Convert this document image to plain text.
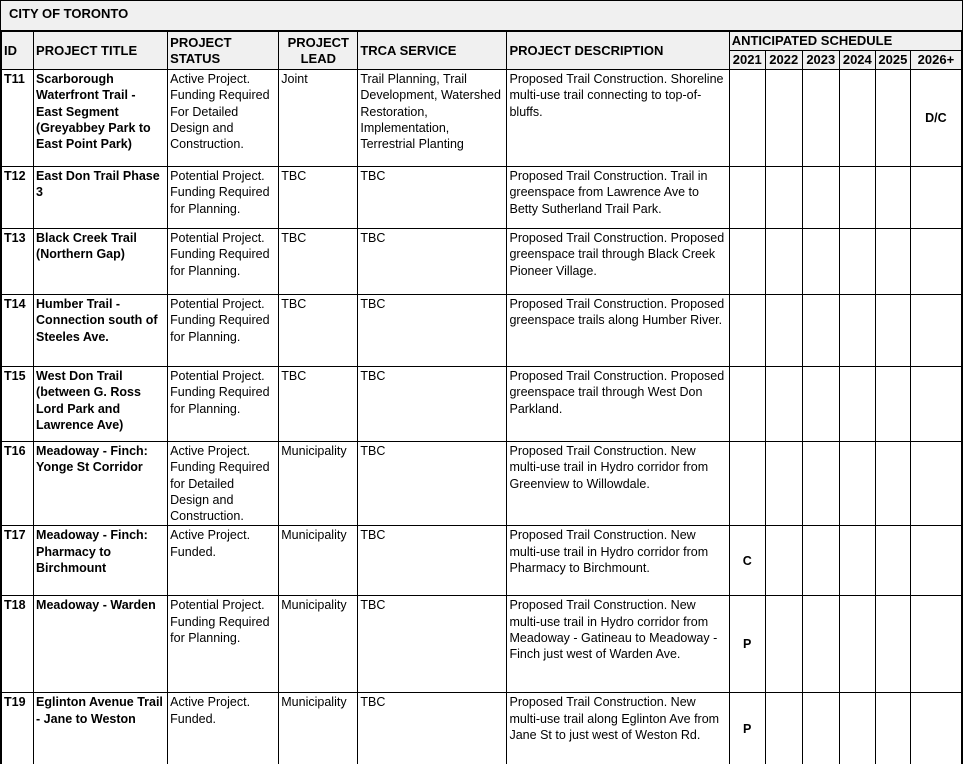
CITY OF TORONTO
ID	PROJECT TITLE	PROJECT STATUS	PROJECT LEAD	TRCA SERVICE	PROJECT DESCRIPTION	ANTICIPATED SCHEDULE					
						2021	2022	2023	2024	2025	2026+
T11	Scarborough Waterfront Trail - East Segment (Greyabbey Park to East Point Park)	Active Project. Funding Required For Detailed Design and Construction.	Joint	Trail Planning, Trail Development, Watershed Restoration, Implementation, Terrestrial Planting	Proposed Trail Construction. Shoreline multi-use trail connecting to top-of-bluffs.						D/C
T12	East Don Trail Phase 3	Potential Project. Funding Required for Planning.	TBC	TBC	Proposed Trail Construction. Trail in greenspace from Lawrence Ave to Betty Sutherland Trail Park.						
T13	Black Creek Trail (Northern Gap)	Potential Project. Funding Required for Planning.	TBC	TBC	Proposed Trail Construction. Proposed greenspace trail through Black Creek Pioneer Village.						
T14	Humber Trail - Connection south of Steeles Ave.	Potential Project. Funding Required for Planning.	TBC	TBC	Proposed Trail Construction. Proposed greenspace trails along Humber River.						
T15	West Don Trail (between G. Ross Lord Park and Lawrence Ave)	Potential Project. Funding Required for Planning.	TBC	TBC	Proposed Trail Construction. Proposed greenspace trail through West Don Parkland.						
T16	Meadoway - Finch: Yonge St Corridor	Active Project. Funding Required for Detailed Design and Construction.	Municipality	TBC	Proposed Trail Construction. New multi-use trail in Hydro corridor from Greenview to Willowdale.						
T17	Meadoway - Finch: Pharmacy to Birchmount	Active Project. Funded.	Municipality	TBC	Proposed Trail Construction. New multi-use trail in Hydro corridor from Pharmacy to Birchmount.	C					
T18	Meadoway - Warden	Potential Project. Funding Required for Planning.	Municipality	TBC	Proposed Trail Construction. New multi-use trail in Hydro corridor from Meadoway - Gatineau to Meadoway - Finch just west of Warden Ave.	P					
T19	Eglinton Avenue Trail - Jane to Weston	Active Project. Funded.	Municipality	TBC	Proposed Trail Construction. New multi-use trail along Eglinton Ave from Jane St to just west of Weston Rd.	P					
